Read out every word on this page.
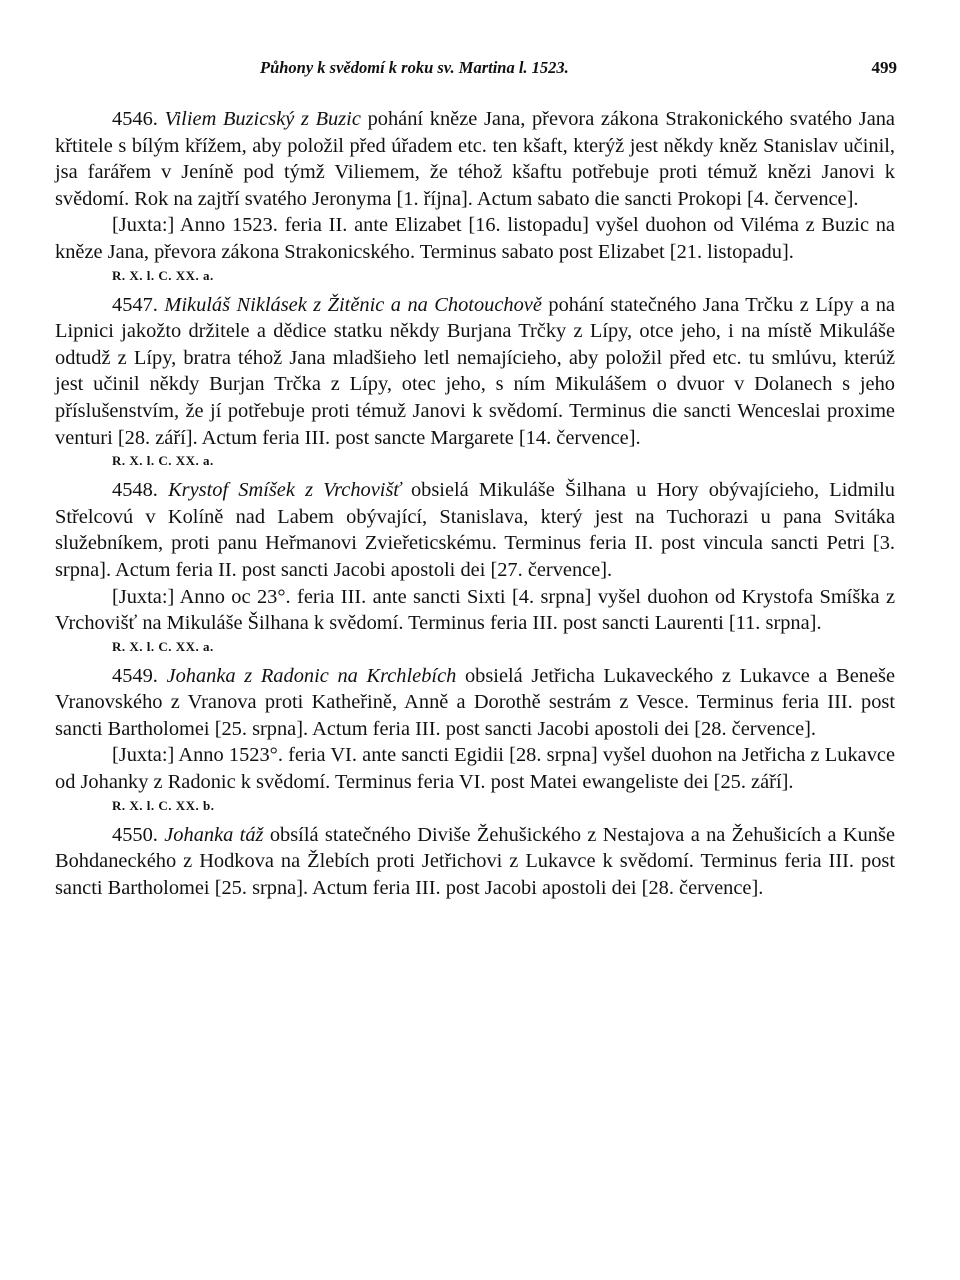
Půhony k svědomí k roku sv. Martina l. 1523.	499

4546. Viliem Buzicský z Buzic pohání kněze Jana, převora zákona Strakonického svatého Jana křtitele s bílým křížem, aby položil před úřadem etc. ten kšaft, kterýž jest někdy kněz Stanislav učinil, jsa farářem v Jeníně pod týmž Viliemem, že téhož kšaftu potřebuje proti témuž knězi Janovi k svědomí. Rok na zajtří svatého Jeronyma [1. října]. Actum sabato die sancti Prokopi [4. července].

[Juxta:] Anno 1523. feria II. ante Elizabet [16. listopadu] vyšel duohon od Viléma z Buzic na kněze Jana, převora zákona Strakonicského. Terminus sabato post Elizabet [21. listopadu].

R. X. l. C. XX. a.

4547. Mikuláš Niklásek z Žitěnic a na Chotouchově pohání statečného Jana Trčku z Lípy a na Lipnici jakožto držitele a dědice statku někdy Burjana Trčky z Lípy, otce jeho, i na místě Mikuláše odtudž z Lípy, bratra téhož Jana mladšieho letl nemajícieho, aby položil před etc. tu smlúvu, kterúž jest učinil někdy Burjan Trčka z Lípy, otec jeho, s ním Mikulášem o dvuor v Dolanech s jeho příslušenstvím, že jí potřebuje proti témuž Janovi k svědomí. Terminus die sancti Wenceslai proxime venturi [28. září]. Actum feria III. post sancte Margarete [14. července].

R. X. l. C. XX. a.

4548. Krystof Smíšek z Vrchovišť obsielá Mikuláše Šilhana u Hory obývajícieho, Lidmilu Střelcovú v Kolíně nad Labem obývající, Stanislava, který jest na Tuchorazi u pana Svitáka služebníkem, proti panu Heřmanovi Zvieřeticskému. Terminus feria II. post vincula sancti Petri [3. srpna]. Actum feria II. post sancti Jacobi apostoli dei [27. července].

[Juxta:] Anno oc 23°. feria III. ante sancti Sixti [4. srpna] vyšel duohon od Krystofa Smíška z Vrchovišť na Mikuláše Šilhana k svědomí. Terminus feria III. post sancti Laurenti [11. srpna].

R. X. l. C. XX. a.

4549. Johanka z Radonic na Krchlebích obsielá Jetřicha Lukaveckého z Lukavce a Beneše Vranovského z Vranova proti Katheřině, Anně a Dorothě sestrám z Vesce. Terminus feria III. post sancti Bartholomei [25. srpna]. Actum feria III. post sancti Jacobi apostoli dei [28. července].

[Juxta:] Anno 1523°. feria VI. ante sancti Egidii [28. srpna] vyšel duohon na Jetřicha z Lukavce od Johanky z Radonic k svědomí. Terminus feria VI. post Matei ewangeliste dei [25. září].

R. X. l. C. XX. b.

4550. Johanka táž obsílá statečného Diviše Žehušického z Nestajova a na Žehušicích a Kunše Bohdaneckého z Hodkova na Žlebích proti Jetřichovi z Lukavce k svědomí. Terminus feria III. post sancti Bartholomei [25. srpna]. Actum feria III. post Jacobi apostoli dei [28. července].
